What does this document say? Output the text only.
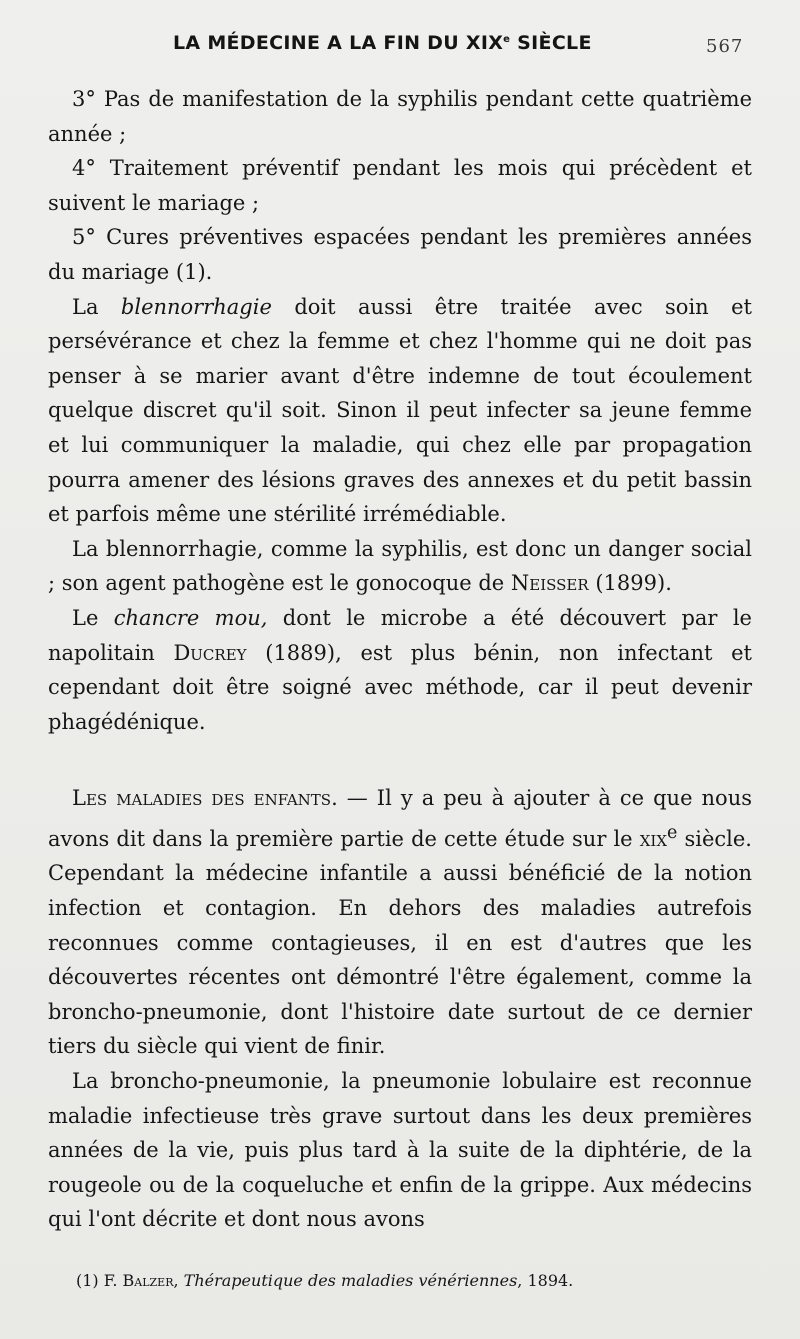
LA MÉDECINE A LA FIN DU XIXe SIÈCLE	567

3° Pas de manifestation de la syphilis pendant cette quatrième année ;

4° Traitement préventif pendant les mois qui précèdent et suivent le mariage ;

5° Cures préventives espacées pendant les premières années du mariage (1).

La blennorrhagie doit aussi être traitée avec soin et persévérance et chez la femme et chez l'homme qui ne doit pas penser à se marier avant d'être indemne de tout écoulement quelque discret qu'il soit. Sinon il peut infecter sa jeune femme et lui communiquer la maladie, qui chez elle par propagation pourra amener des lésions graves des annexes et du petit bassin et parfois même une stérilité irrémédiable.

La blennorrhagie, comme la syphilis, est donc un danger social ; son agent pathogène est le gonocoque de Neisser (1899).

Le chancre mou, dont le microbe a été découvert par le napolitain Ducrey (1889), est plus bénin, non infectant et cependant doit être soigné avec méthode, car il peut devenir phagédénique.

Les maladies des enfants. — Il y a peu à ajouter à ce que nous avons dit dans la première partie de cette étude sur le xix$^e$ siècle. Cependant la médecine infantile a aussi bénéficié de la notion infection et contagion. En dehors des maladies autrefois reconnues comme contagieuses, il en est d'autres que les découvertes récentes ont démontré l'être également, comme la broncho-pneumonie, dont l'histoire date surtout de ce dernier tiers du siècle qui vient de finir.

La broncho-pneumonie, la pneumonie lobulaire est reconnue maladie infectieuse très grave surtout dans les deux premières années de la vie, puis plus tard à la suite de la diphtérie, de la rougeole ou de la coqueluche et enfin de la grippe. Aux médecins qui l'ont décrite et dont nous avons

(1) F. Balzer, Thérapeutique des maladies vénériennes, 1894.
